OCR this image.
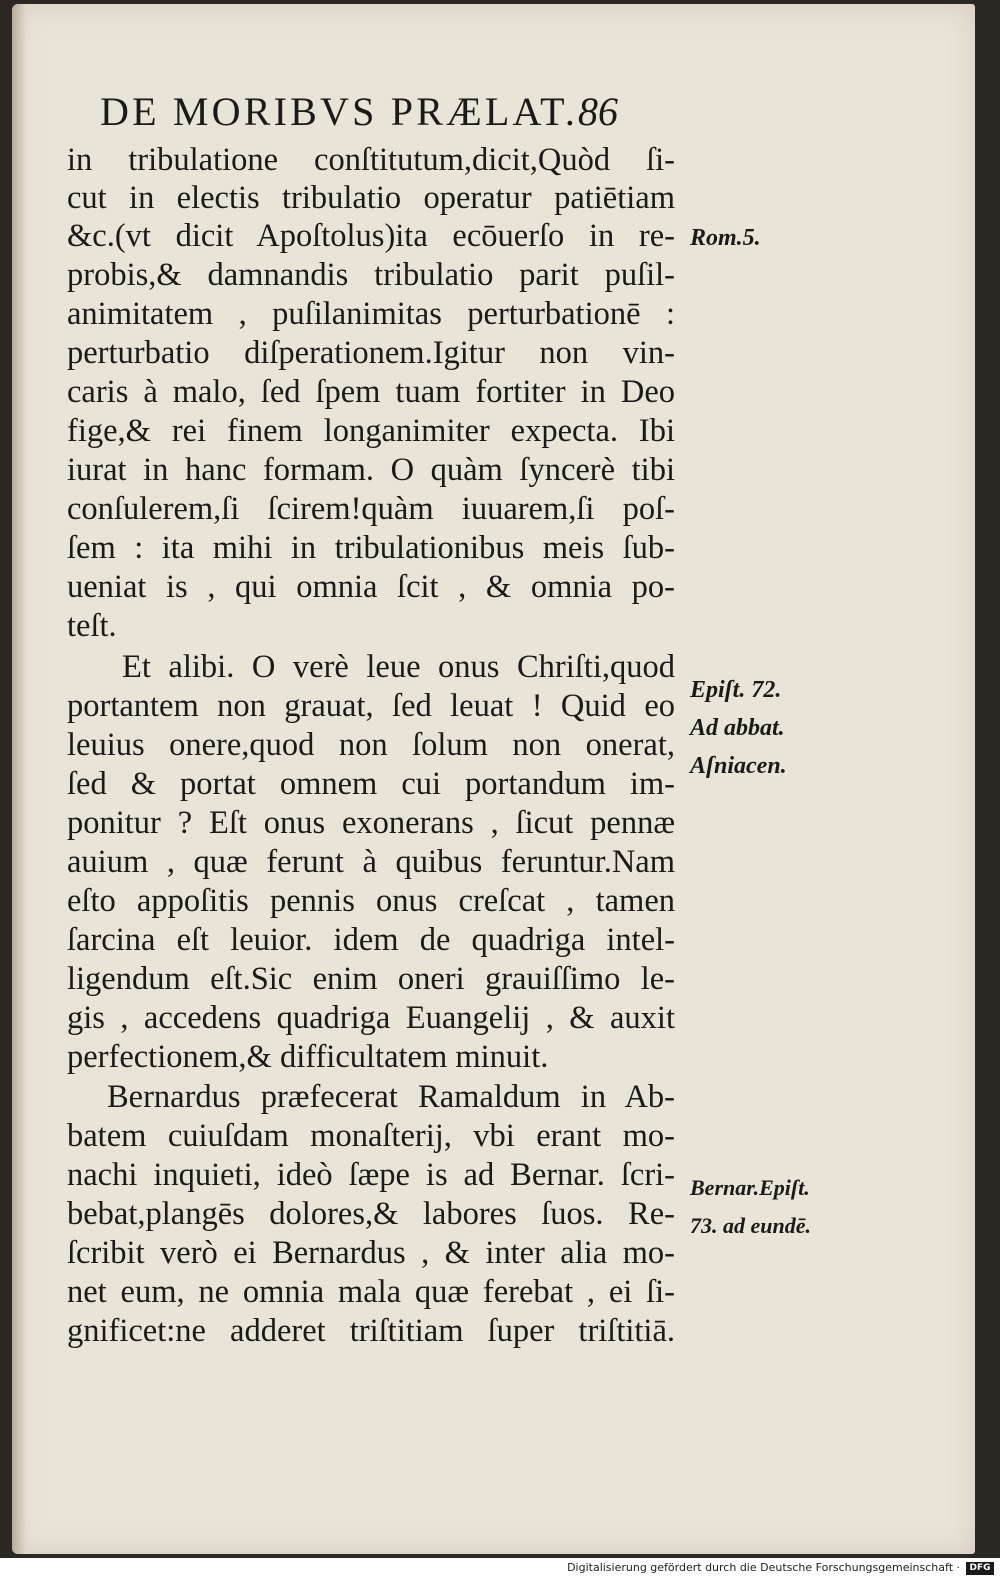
DE MORIBVS PRÆLAT.86
in tribulatione conſtitutum,dicit,Quòd ſi-
cut in electis tribulatio operatur patiētiam
&c.(vt dicit Apoſtolus)ita ecōuerſo in re-
probis,& damnandis tribulatio parit puſil-
animitatem , puſilanimitas perturbationē :
perturbatio diſperationem.Igitur non vin-
caris à malo, ſed ſpem tuam fortiter in Deo
fige,& rei finem longanimiter expecta. Ibi
iurat in hanc formam. O quàm ſyncerè tibi
conſulerem,ſi ſcirem!quàm iuuarem,ſi poſ-
ſem : ita mihi in tribulationibus meis ſub-
ueniat is , qui omnia ſcit , & omnia po-
teſt.
Et alibi. O verè leue onus Chriſti,quod
portantem non grauat, ſed leuat ! Quid eo
leuius onere,quod non ſolum non onerat,
ſed & portat omnem cui portandum im-
ponitur ? Eſt onus exonerans , ſicut pennæ
auium , quæ ferunt à quibus feruntur.Nam
eſto appoſitis pennis onus creſcat , tamen
ſarcina eſt leuior. idem de quadriga intel-
ligendum eſt.Sic enim oneri grauiſſimo le-
gis , accedens quadriga Euangelij , & auxit
perfectionem,& difficultatem minuit.
Bernardus præfecerat Ramaldum in Ab-
batem cuiuſdam monaſterij, vbi erant mo-
nachi inquieti, ideò ſæpe is ad Bernar. ſcri-
bebat,plangēs dolores,& labores ſuos. Re-
ſcribit verò ei Bernardus , & inter alia mo-
net eum, ne omnia mala quæ ferebat , ei ſi-
gnificet:ne adderet triſtitiam ſuper triſtitiā.
Rom.5.
Epiſt. 72.
Ad abbat.
Aſniacen.
Bernar.Epiſt.
73. ad eundē.
Digitalisierung gefördert durch die Deutsche Forschungsgemeinschaft ·	DFG
